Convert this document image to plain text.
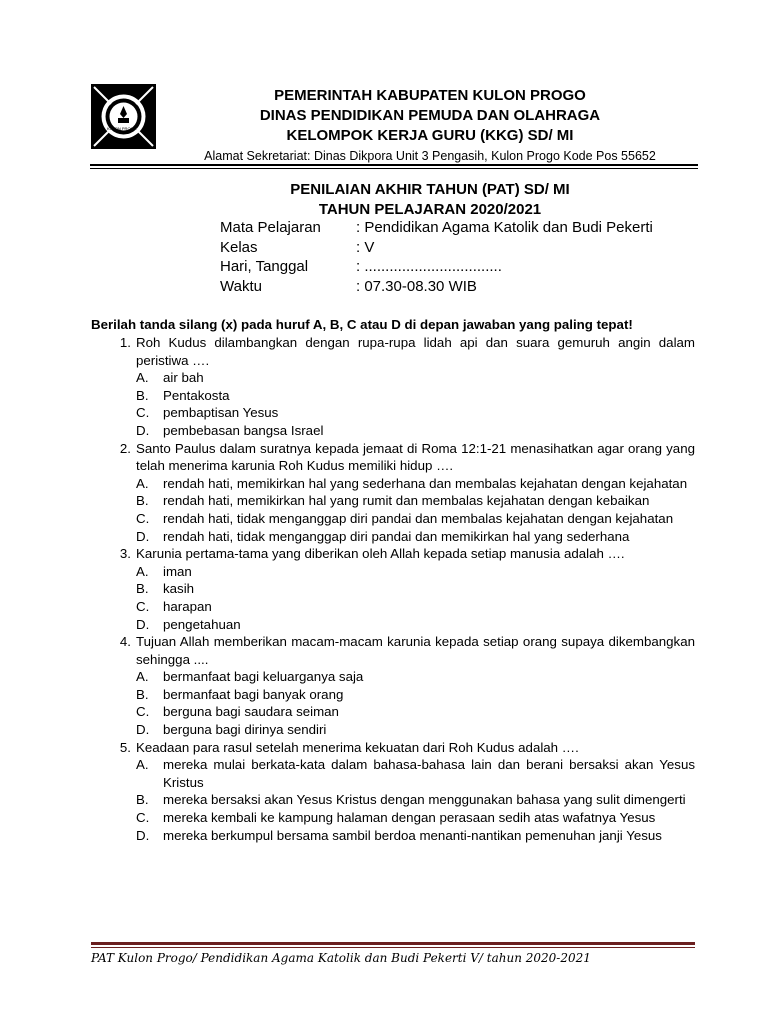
KULON PROGO
PEMERINTAH KABUPATEN KULON PROGO
DINAS PENDIDIKAN PEMUDA DAN OLAHRAGA
KELOMPOK KERJA GURU (KKG) SD/ MI
Alamat Sekretariat: Dinas Dikpora Unit 3 Pengasih, Kulon Progo Kode Pos 55652
PENILAIAN AKHIR TAHUN (PAT) SD/ MI
TAHUN PELAJARAN 2020/2021
Mata Pelajaran	: Pendidikan Agama Katolik dan Budi Pekerti
Kelas	: V
Hari, Tanggal	: .................................
Waktu	: 07.30-08.30 WIB
Berilah tanda silang (x) pada huruf A, B, C atau D di depan jawaban yang paling tepat!
1. Roh Kudus dilambangkan dengan rupa-rupa lidah api dan suara gemuruh angin dalam peristiwa ….
A.	air bah
B.	Pentakosta
C.	pembaptisan Yesus
D.	pembebasan bangsa Israel
2. Santo Paulus dalam suratnya kepada jemaat di Roma 12:1-21 menasihatkan agar orang yang telah menerima karunia Roh Kudus memiliki hidup ….
A.	rendah hati, memikirkan hal yang sederhana dan membalas kejahatan dengan kejahatan
B.	rendah hati, memikirkan hal yang rumit dan membalas kejahatan dengan kebaikan
C.	rendah hati, tidak menganggap diri pandai dan membalas kejahatan dengan kejahatan
D.	rendah hati, tidak menganggap diri pandai dan memikirkan hal yang sederhana
3. Karunia pertama-tama yang diberikan oleh Allah kepada setiap manusia adalah ….
A.	iman
B.	kasih
C.	harapan
D.	pengetahuan
4. Tujuan Allah memberikan macam-macam karunia kepada setiap orang supaya dikembangkan sehingga ....
A.	bermanfaat bagi keluarganya saja
B.	bermanfaat bagi banyak orang
C.	berguna bagi saudara seiman
D.	berguna bagi dirinya sendiri
5. Keadaan para rasul setelah menerima kekuatan dari Roh Kudus adalah ….
A.	mereka mulai berkata-kata dalam bahasa-bahasa lain dan berani bersaksi akan Yesus Kristus
B.	mereka bersaksi akan Yesus Kristus dengan menggunakan bahasa yang sulit dimengerti
C.	mereka kembali ke kampung halaman dengan perasaan sedih atas wafatnya Yesus
D.	mereka berkumpul bersama sambil berdoa menanti-nantikan pemenuhan janji Yesus
PAT Kulon Progo/ Pendidikan Agama Katolik dan Budi Pekerti V/ tahun 2020-2021
